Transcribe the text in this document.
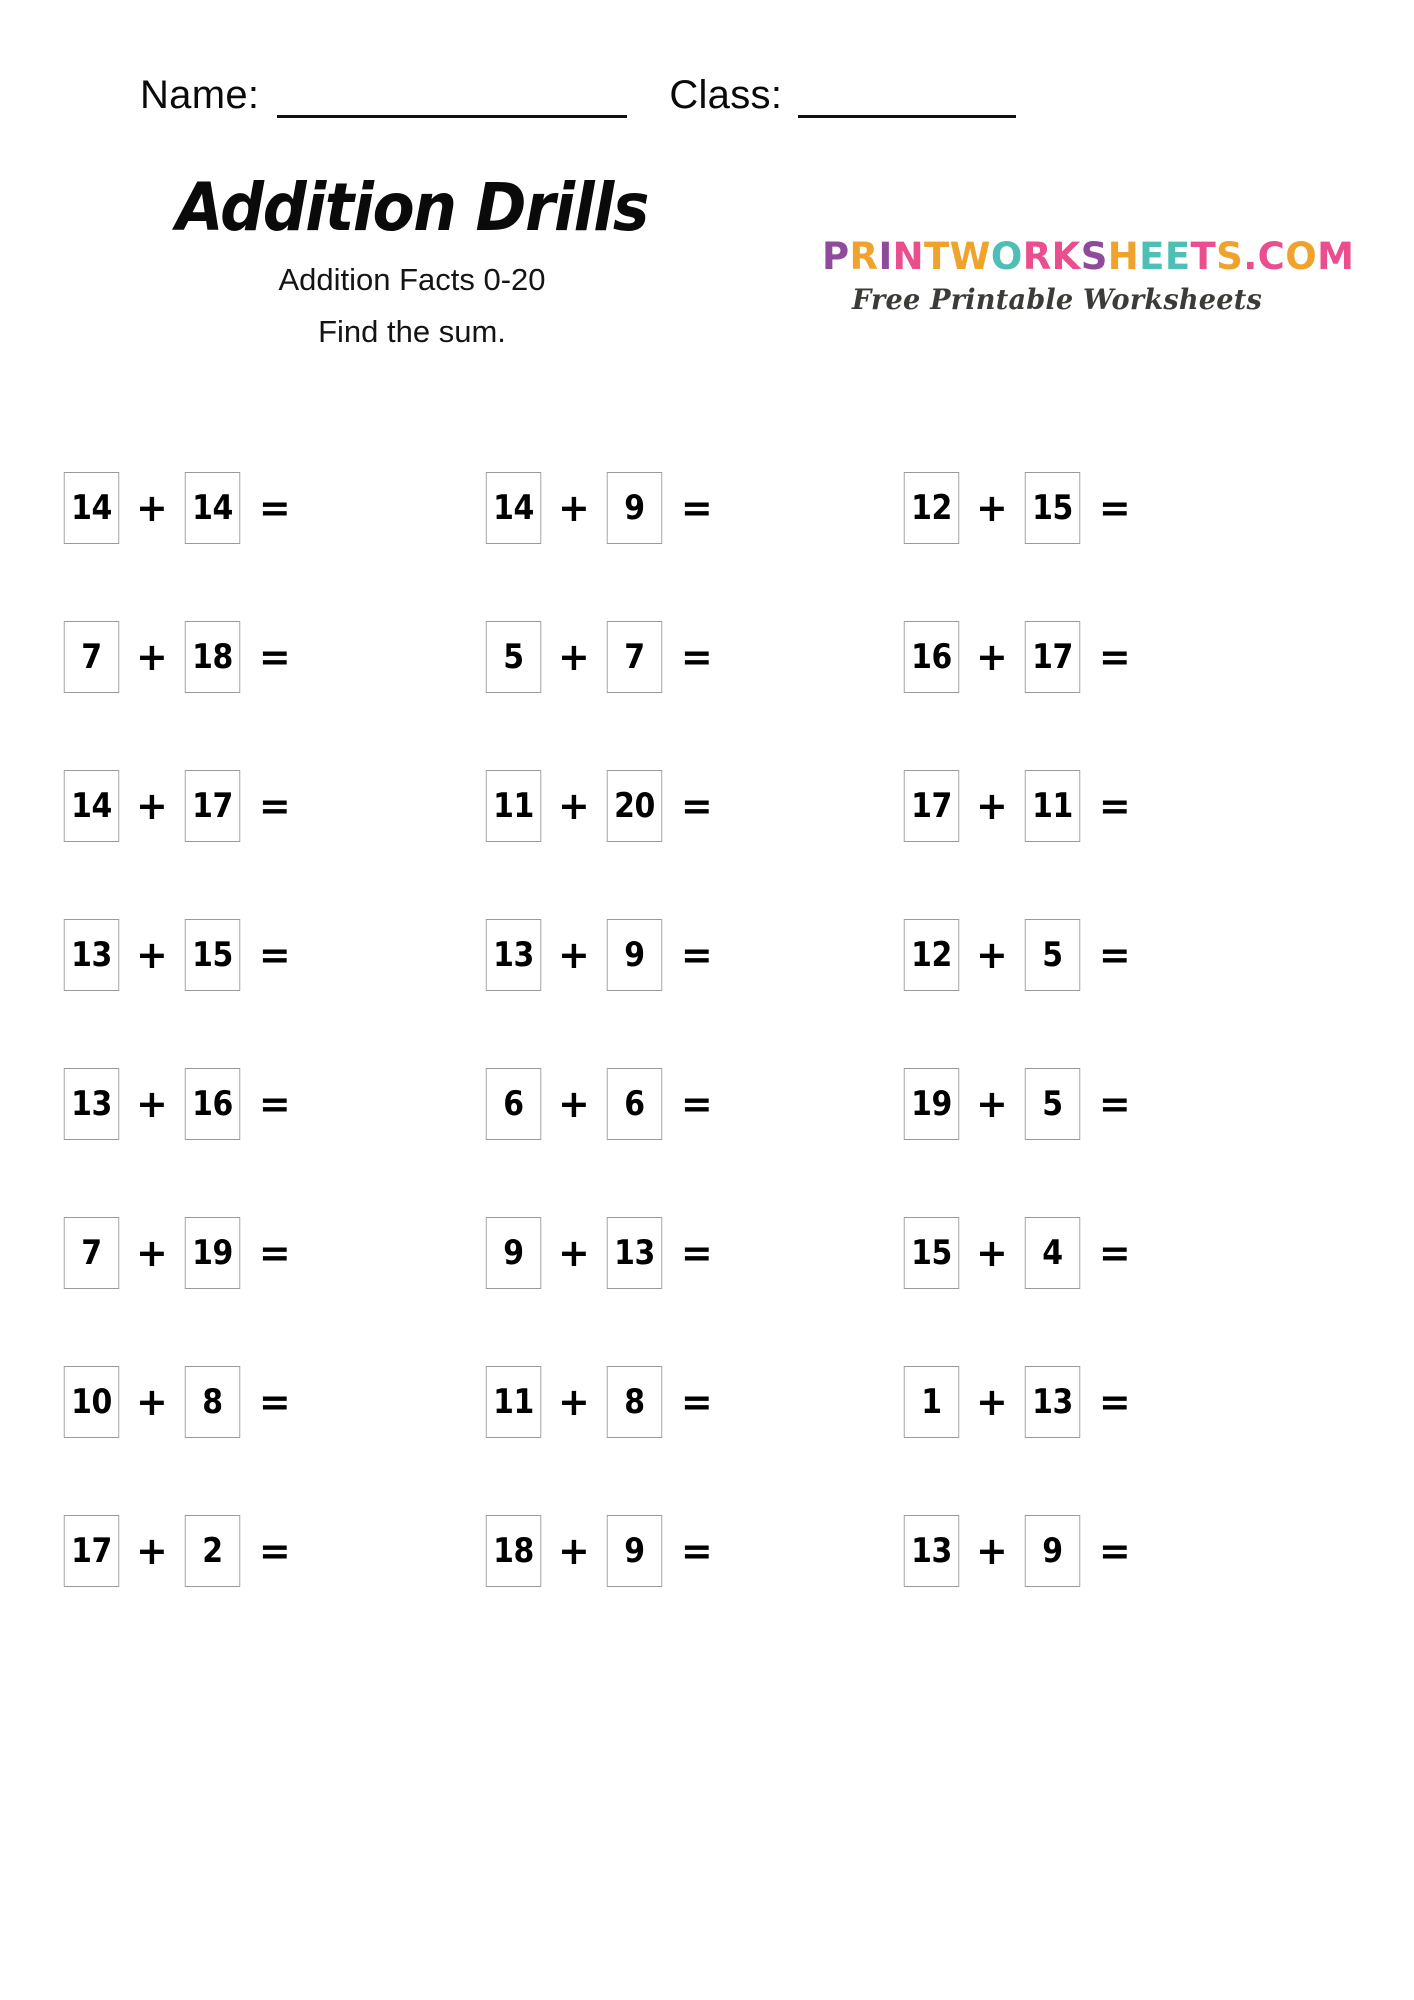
Name:	Class:
Addition Drills
Addition Facts 0-20
Find the sum.
PRINTWORKSHEETS.COM
Free Printable Worksheets
14 + 14 =	14 +	9 =	12 + 15 =
7 + 18 =	5 +	7 =	16 + 17 =
14 + 17 =	11 + 20 =	17 + 11 =
13 + 15 =	13 +	9 =	12 +	5 =
13 + 16 =	6 +	6 =	19 +	5 =
7 + 19 =	9 + 13 =	15 +	4 =
10 +	8 =	11 +	8 =	1 + 13 =
17 +	2 =	18 +	9 =	13 +	9 =
